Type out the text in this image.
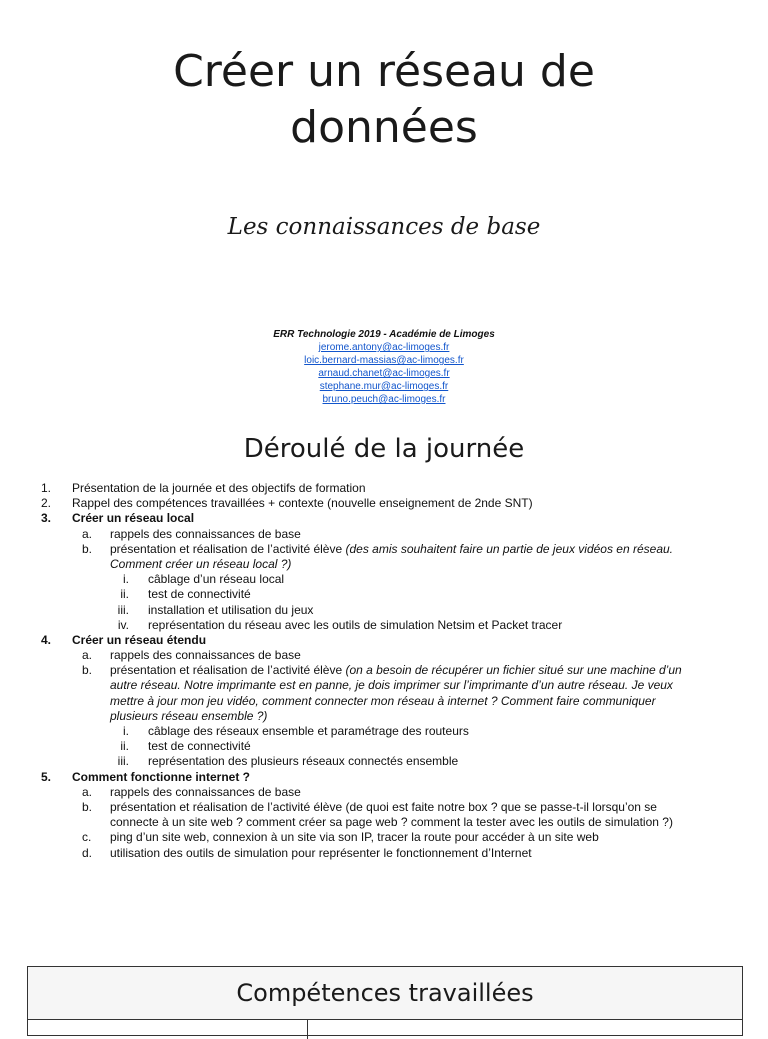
Créer un réseau de
données
Les connaissances de base
ERR Technologie 2019 - Académie de Limoges
jerome.antony@ac-limoges.fr
loic.bernard-massias@ac-limoges.fr
arnaud.chanet@ac-limoges.fr
stephane.mur@ac-limoges.fr
bruno.peuch@ac-limoges.fr
Déroulé de la journée
1. Présentation de la journée et des objectifs de formation
2. Rappel des compétences travaillées + contexte (nouvelle enseignement de 2nde SNT)
3. Créer un réseau local
a. rappels des connaissances de base
b. présentation et réalisation de l’activité élève (des amis souhaitent faire un partie de jeux vidéos en réseau.
Comment créer un réseau local ?)
i. câblage d’un réseau local
ii. test de connectivité
iii. installation et utilisation du jeux
iv. représentation du réseau avec les outils de simulation Netsim et Packet tracer
4. Créer un réseau étendu
a. rappels des connaissances de base
b. présentation et réalisation de l’activité élève (on a besoin de récupérer un fichier situé sur une machine d’un
autre réseau. Notre imprimante est en panne, je dois imprimer sur l’imprimante d’un autre réseau. Je veux
mettre à jour mon jeu vidéo, comment connecter mon réseau à internet ? Comment faire communiquer
plusieurs réseau ensemble ?)
i. câblage des réseaux ensemble et paramétrage des routeurs
ii. test de connectivité
iii. représentation des plusieurs réseaux connectés ensemble
5. Comment fonctionne internet ?
a. rappels des connaissances de base
b. présentation et réalisation de l’activité élève (de quoi est faite notre box ? que se passe-t-il lorsqu’on se
connecte à un site web ? comment créer sa page web ? comment la tester avec les outils de simulation ?)
c. ping d’un site web, connexion à un site via son IP, tracer la route pour accéder à un site web
d. utilisation des outils de simulation pour représenter le fonctionnement d’Internet
Compétences travaillées
